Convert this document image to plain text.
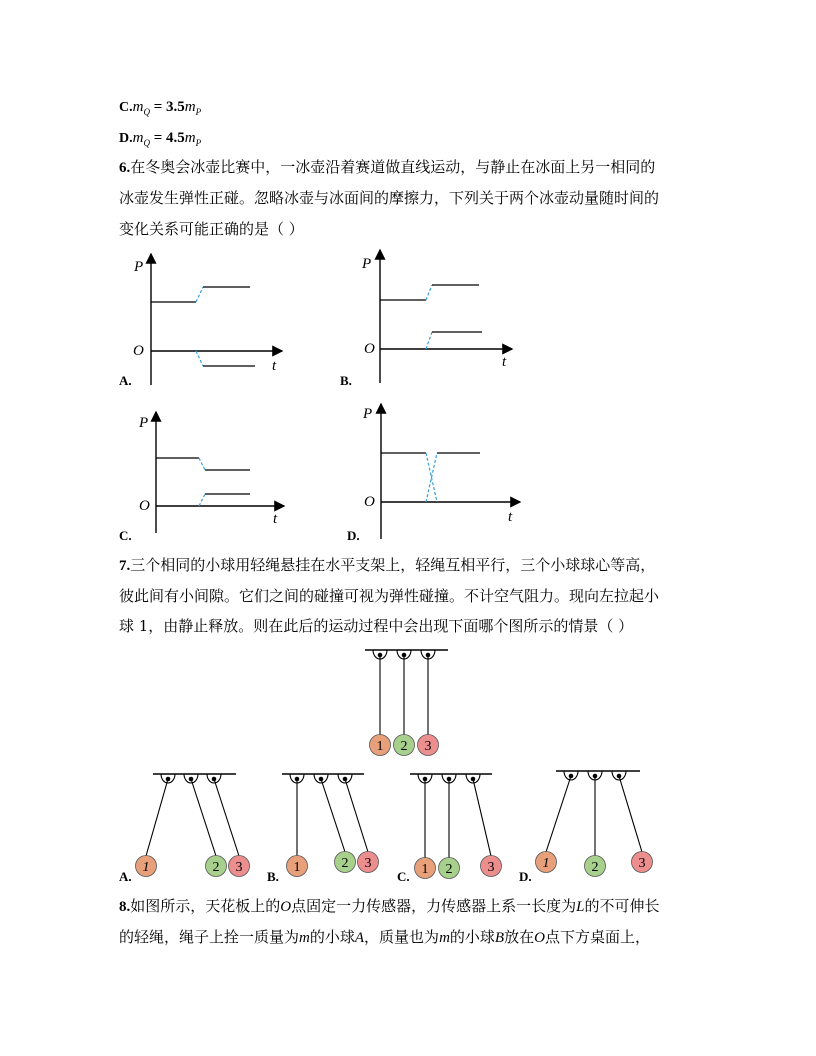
$C.m_Q = 3.5m_P$
$D.m_Q = 4.5m_P$
6.在冬奥会冰壶比赛中，一冰壶沿着赛道做直线运动，与静止在冰面上另一相同的
冰壶发生弹性正碰。忽略冰壶与冰面间的摩擦力，下列关于两个冰壶动量随时间的
变化关系可能正确的是（ ）
P
t
O
P
t
O
P
t
O
P
t
O
A.	B.
C.	D.
7.三个相同的小球用轻绳悬挂在水平支架上，轻绳互相平行，三个小球球心等高，
彼此间有小间隙。它们之间的碰撞可视为弹性碰撞。不计空气阻力。现向左拉起小
球 1，由静止释放。则在此后的运动过程中会出现下面哪个图所示的情景（ ）
1 2 3
1	2 3	1	2 3	1 2	3	1	2	3
A.	B.	C.	D.
8.如图所示，天花板上的O点固定一力传感器，力传感器上系一长度为L的不可伸长
的轻绳，绳子上拴一质量为m的小球A，质量也为m的小球B放在O点下方桌面上，
